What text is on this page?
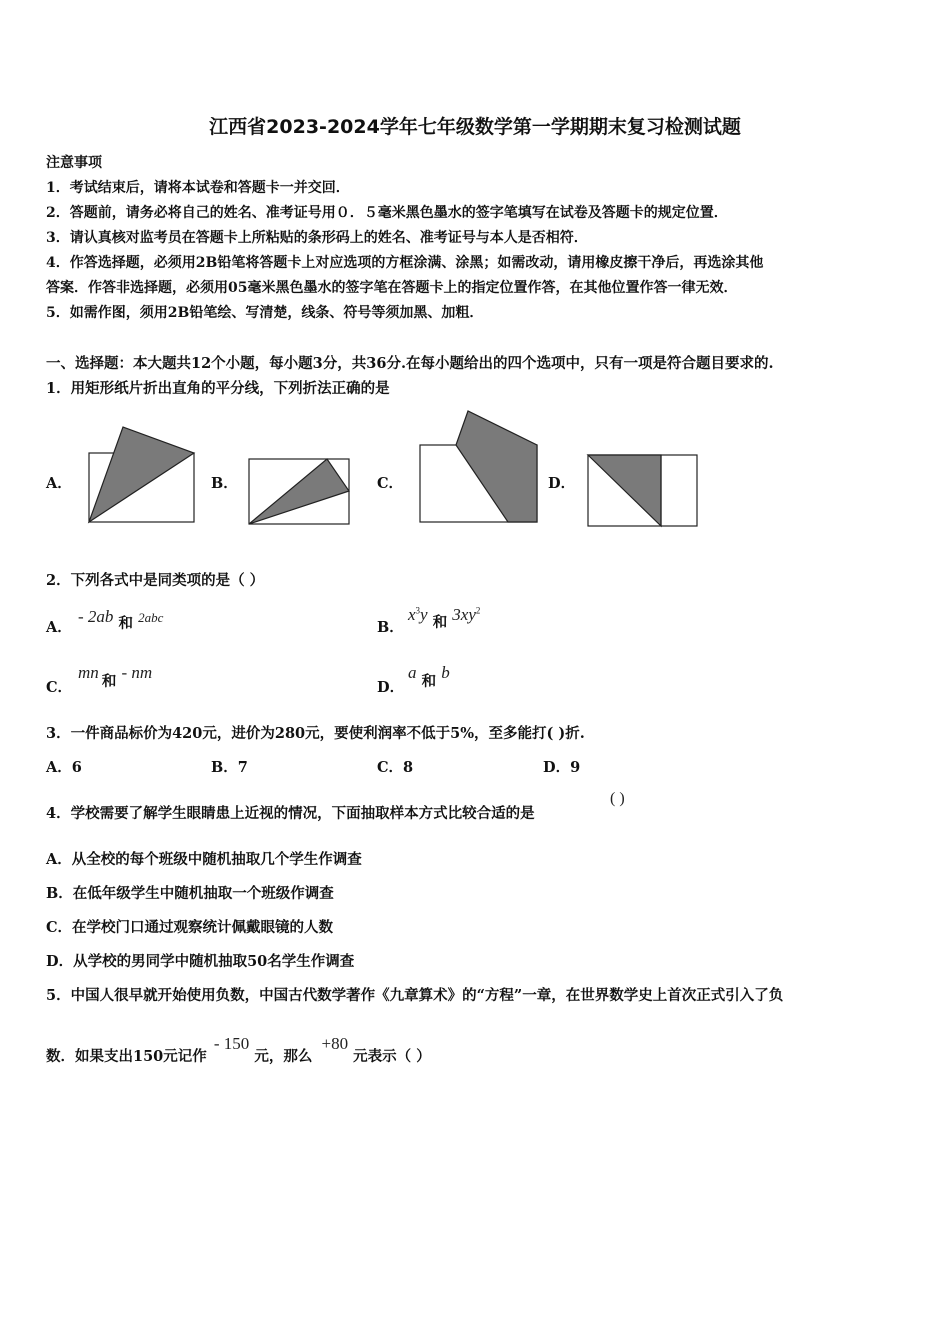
江西省2023-2024学年七年级数学第一学期期末复习检测试题
注意事项
1．考试结束后，请将本试卷和答题卡一并交回．
2．答题前，请务必将自己的姓名、准考证号用０．５毫米黑色墨水的签字笔填写在试卷及答题卡的规定位置．
3．请认真核对监考员在答题卡上所粘贴的条形码上的姓名、准考证号与本人是否相符．
4．作答选择题，必须用2B铅笔将答题卡上对应选项的方框涂满、涂黑；如需改动，请用橡皮擦干净后，再选涂其他
答案．作答非选择题，必须用05毫米黑色墨水的签字笔在答题卡上的指定位置作答，在其他位置作答一律无效．
5．如需作图，须用2B铅笔绘、写清楚，线条、符号等须加黑、加粗．
一、选择题：本大题共12个小题，每小题3分，共36分.在每小题给出的四个选项中，只有一项是符合题目要求的.
1．用矩形纸片折出直角的平分线，下列折法正确的是
A．	B．	C．	D．
2．下列各式中是同类项的是（ ）
A．
- 2ab 和 2abc
B．
$x^3y$ 和 $3xy^2$
C．
mn 和 - nm
D．
a 和 b
3．一件商品标价为420元，进价为280元，要使利润率不低于5%，至多能打( )折.
A．6	B．7	C．8	D．9
4．学校需要了解学生眼睛患上近视的情况，下面抽取样本方式比较合适的是
( )
A．从全校的每个班级中随机抽取几个学生作调查
B．在低年级学生中随机抽取一个班级作调查
C．在学校门口通过观察统计佩戴眼镜的人数
D．从学校的男同学中随机抽取50名学生作调查
5．中国人很早就开始使用负数，中国古代数学著作《九章算术》的“方程”一章，在世界数学史上首次正式引入了负
数．如果支出150元记作 - 150 元，那么 +80 元表示（ ）
